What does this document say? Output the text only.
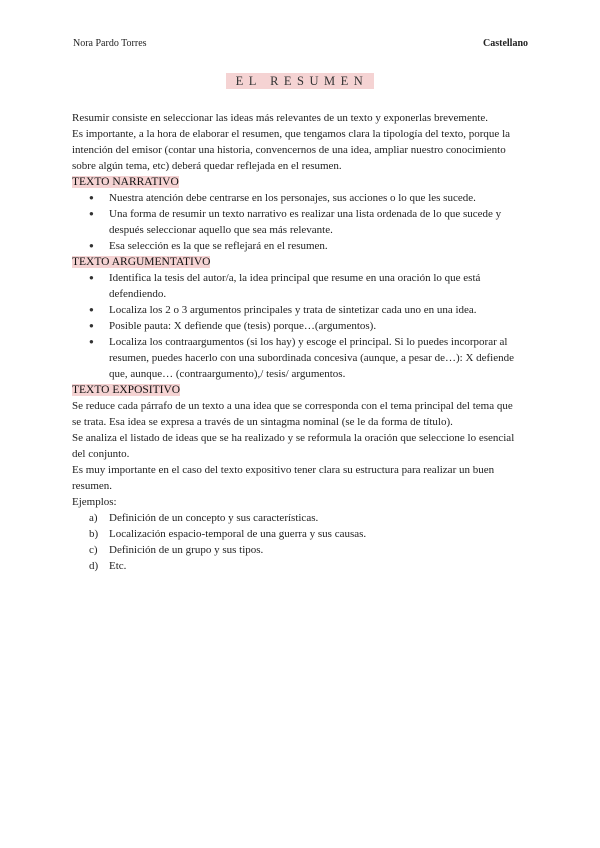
Nora Pardo Torres	Castellano
EL RESUMEN

Resumir consiste en seleccionar las ideas más relevantes de un texto y exponerlas brevemente.

Es importante, a la hora de elaborar el resumen, que tengamos clara la tipología del texto, porque la intención del emisor (contar una historia, convencernos de una idea, ampliar nuestro conocimiento sobre algún tema, etc) deberá quedar reflejada en el resumen.

TEXTO NARRATIVO

● Nuestra atención debe centrarse en los personajes, sus acciones o lo que les sucede.
● Una forma de resumir un texto narrativo es realizar una lista ordenada de lo que sucede y después seleccionar aquello que sea más relevante.
● Esa selección es la que se reflejará en el resumen.

TEXTO ARGUMENTATIVO

● Identifica la tesis del autor/a, la idea principal que resume en una oración lo que está defendiendo.
● Localiza los 2 o 3 argumentos principales y trata de sintetizar cada uno en una idea.
● Posible pauta: X defiende que (tesis) porque…(argumentos).
● Localiza los contraargumentos (si los hay) y escoge el principal. Si lo puedes incorporar al resumen, puedes hacerlo con una subordinada concesiva (aunque, a pesar de…): X defiende que, aunque… (contraargumento),/ tesis/ argumentos.

TEXTO EXPOSITIVO

Se reduce cada párrafo de un texto a una idea que se corresponda con el tema principal del tema que se trata. Esa idea se expresa a través de un sintagma nominal (se le da forma de título).

Se analiza el listado de ideas que se ha realizado y se reformula la oración que seleccione lo esencial del conjunto.

Es muy importante en el caso del texto expositivo tener clara su estructura para realizar un buen resumen.

Ejemplos:

a) Definición de un concepto y sus características.
b) Localización espacio-temporal de una guerra y sus causas.
c) Definición de un grupo y sus tipos.
d) Etc.
